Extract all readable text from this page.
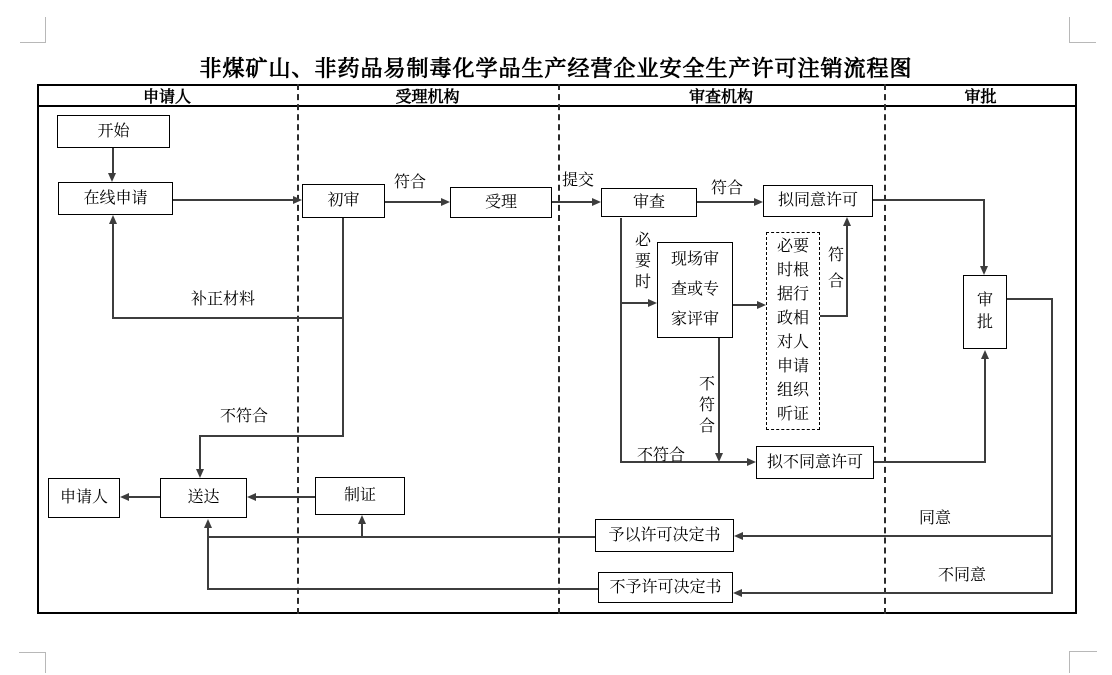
非煤矿山、非药品易制毒化学品生产经营企业安全生产许可注销流程图
申请人	受理机构	审查机构	审批
开始
在线申请	初审	受理	审查	拟同意许可
现场审查或专家评审
必要时根据行政相对人申请组织听证
审批
拟不同意许可
申请人	送达	制证
予以许可决定书
不予许可决定书
符合	提交	符合
补正材料
不符合
必要时
不符合
符合
不符合
同意
不同意
